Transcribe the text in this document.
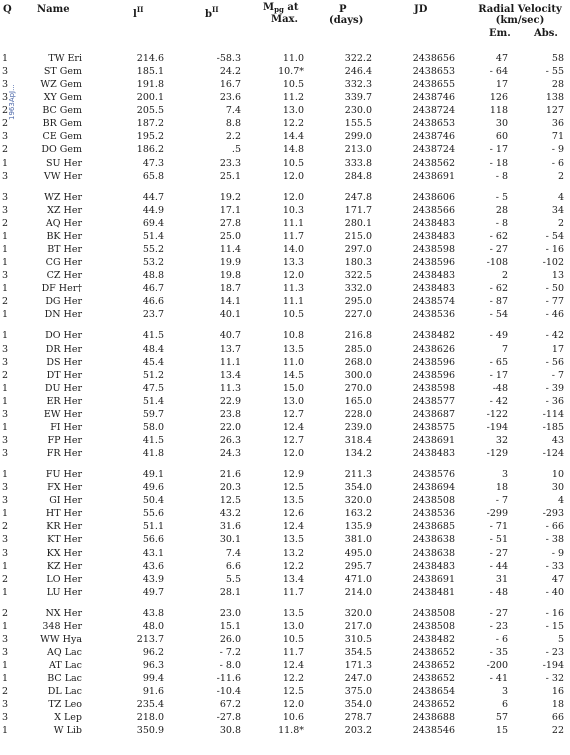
1963ApJ...
Q	Name	$l^{II}$	$b^{II}$	$M_{pg}$ at
Max.
P
(days)
JD	Radial Velocity
(km/sec)
Em. Abs.
1	TW Eri	214.6	-58.3	11.0	322.2	2438656	47	58
3	ST Gem	185.1	24.2	10.7*	246.4	2438653	- 64	- 55
3	WZ Gem	191.8	16.7	10.5	332.3	2438655	17	28
3	XY Gem	200.1	23.6	11.2	339.7	2438746	126	138
2	BC Gem	205.5	7.4	13.0	230.0	2438724	118	127
2	BR Gem	187.2	8.8	12.2	155.5	2438653	30	36
3	CE Gem	195.2	2.2	14.4	299.0	2438746	60	71
2	DO Gem	186.2	.5	14.8	213.0	2438724	- 17	- 9
1	SU Her	47.3	23.3	10.5	333.8	2438562	- 18	- 6
3	VW Her	65.8	25.1	12.0	284.8	2438691	- 8	2
3	WZ Her	44.7	19.2	12.0	247.8	2438606	- 5	4
3	XZ Her	44.9	17.1	10.3	171.7	2438566	28	34
2	AQ Her	69.4	27.8	11.1	280.1	2438483	- 8	2
1	BK Her	51.4	25.0	11.7	215.0	2438483	- 62	- 54
1	BT Her	55.2	11.4	14.0	297.0	2438598	- 27	- 16
1	CG Her	53.2	19.9	13.3	180.3	2438596	-108	-102
3	CZ Her	48.8	19.8	12.0	322.5	2438483	2	13
1	DF Her†	46.7	18.7	11.3	332.0	2438483	- 62	- 50
2	DG Her	46.6	14.1	11.1	295.0	2438574	- 87	- 77
1	DN Her	23.7	40.1	10.5	227.0	2438536	- 54	- 46
1	DO Her	41.5	40.7	10.8	216.8	2438482	- 49	- 42
3	DR Her	48.4	13.7	13.5	285.0	2438626	7	17
3	DS Her	45.4	11.1	11.0	268.0	2438596	- 65	- 56
2	DT Her	51.2	13.4	14.5	300.0	2438596	- 17	- 7
1	DU Her	47.5	11.3	15.0	270.0	2438598	-48	- 39
1	ER Her	51.4	22.9	13.0	165.0	2438577	- 42	- 36
3	EW Her	59.7	23.8	12.7	228.0	2438687	-122	-114
1	FI Her	58.0	22.0	12.4	239.0	2438575	-194	-185
3	FP Her	41.5	26.3	12.7	318.4	2438691	32	43
3	FR Her	41.8	24.3	12.0	134.2	2438483	-129	-124
1	FU Her	49.1	21.6	12.9	211.3	2438576	3	10
3	FX Her	49.6	20.3	12.5	354.0	2438694	18	30
3	GI Her	50.4	12.5	13.5	320.0	2438508	- 7	4
1	HT Her	55.6	43.2	12.6	163.2	2438536	-299	-293
2	KR Her	51.1	31.6	12.4	135.9	2438685	- 71	- 66
3	KT Her	56.6	30.1	13.5	381.0	2438638	- 51	- 38
3	KX Her	43.1	7.4	13.2	495.0	2438638	- 27	- 9
1	KZ Her	43.6	6.6	12.2	295.7	2438483	- 44	- 33
2	LO Her	43.9	5.5	13.4	471.0	2438691	31	47
1	LU Her	49.7	28.1	11.7	214.0	2438481	- 48	- 40
2	NX Her	43.8	23.0	13.5	320.0	2438508	- 27	- 16
1	348 Her	48.0	15.1	13.0	217.0	2438508	- 23	- 15
3	WW Hya	213.7	26.0	10.5	310.5	2438482	- 6	5
3	AQ Lac	96.2	- 7.2	11.7	354.5	2438652	- 35	- 23
1	AT Lac	96.3	- 8.0	12.4	171.3	2438652	-200	-194
1	BC Lac	99.4	-11.6	12.2	247.0	2438652	- 41	- 32
2	DL Lac	91.6	-10.4	12.5	375.0	2438654	3	16
3	TZ Leo	235.4	67.2	12.0	354.0	2438652	6	18
3	X Lep	218.0	-27.8	10.6	278.7	2438688	57	66
1	W Lib	350.9	30.8	11.8*	203.2	2438546	15	22
